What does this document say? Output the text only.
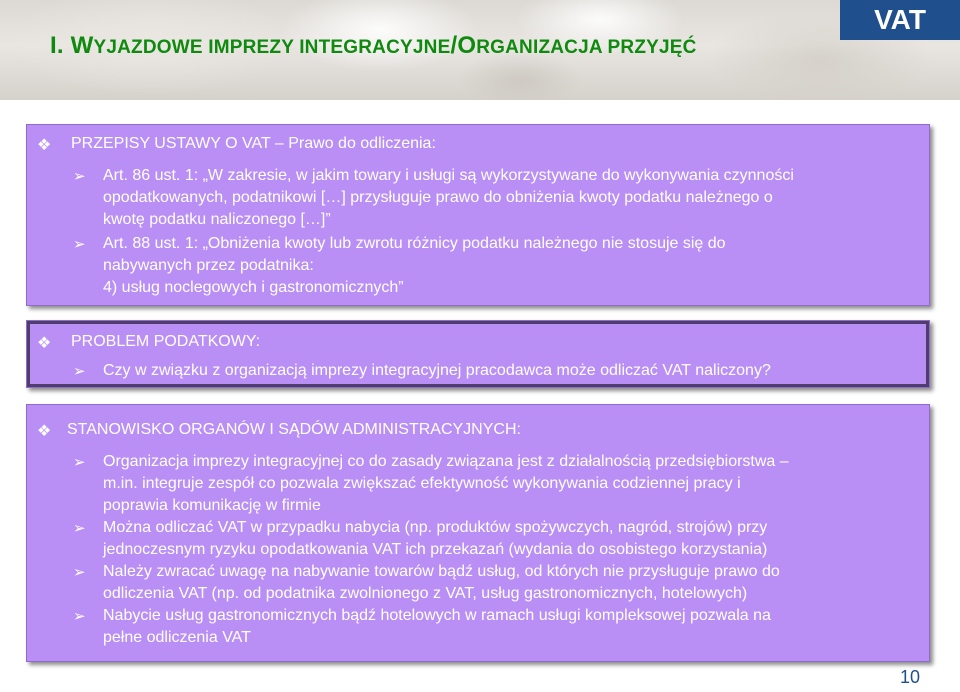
I. WYJAZDOWE IMPREZY INTEGRACYJNE/ORGANIZACJA PRZYJĘĆ
VAT
❖ PRZEPISY USTAWY O VAT – Prawo do odliczenia:
➢ Art. 86 ust. 1: „W zakresie, w jakim towary i usługi są wykorzystywane do wykonywania czynności
opodatkowanych, podatnikowi […] przysługuje prawo do obniżenia kwoty podatku należnego o
kwotę podatku naliczonego […]”
➢ Art. 88 ust. 1: „Obniżenia kwoty lub zwrotu różnicy podatku należnego nie stosuje się do
nabywanych przez podatnika:
4) usług noclegowych i gastronomicznych”
❖ PROBLEM PODATKOWY:
➢ Czy w związku z organizacją imprezy integracyjnej pracodawca może odliczać VAT naliczony?
❖ STANOWISKO ORGANÓW I SĄDÓW ADMINISTRACYJNYCH:
➢ Organizacja imprezy integracyjnej co do zasady związana jest z działalnością przedsiębiorstwa –
m.in. integruje zespół co pozwala zwiększać efektywność wykonywania codziennej pracy i
poprawia komunikację w firmie
➢ Można odliczać VAT w przypadku nabycia (np. produktów spożywczych, nagród, strojów) przy
jednoczesnym ryzyku opodatkowania VAT ich przekazań (wydania do osobistego korzystania)
➢ Należy zwracać uwagę na nabywanie towarów bądź usług, od których nie przysługuje prawo do
odliczenia VAT (np. od podatnika zwolnionego z VAT, usług gastronomicznych, hotelowych)
➢ Nabycie usług gastronomicznych bądź hotelowych w ramach usługi kompleksowej pozwala na
pełne odliczenia VAT
10
